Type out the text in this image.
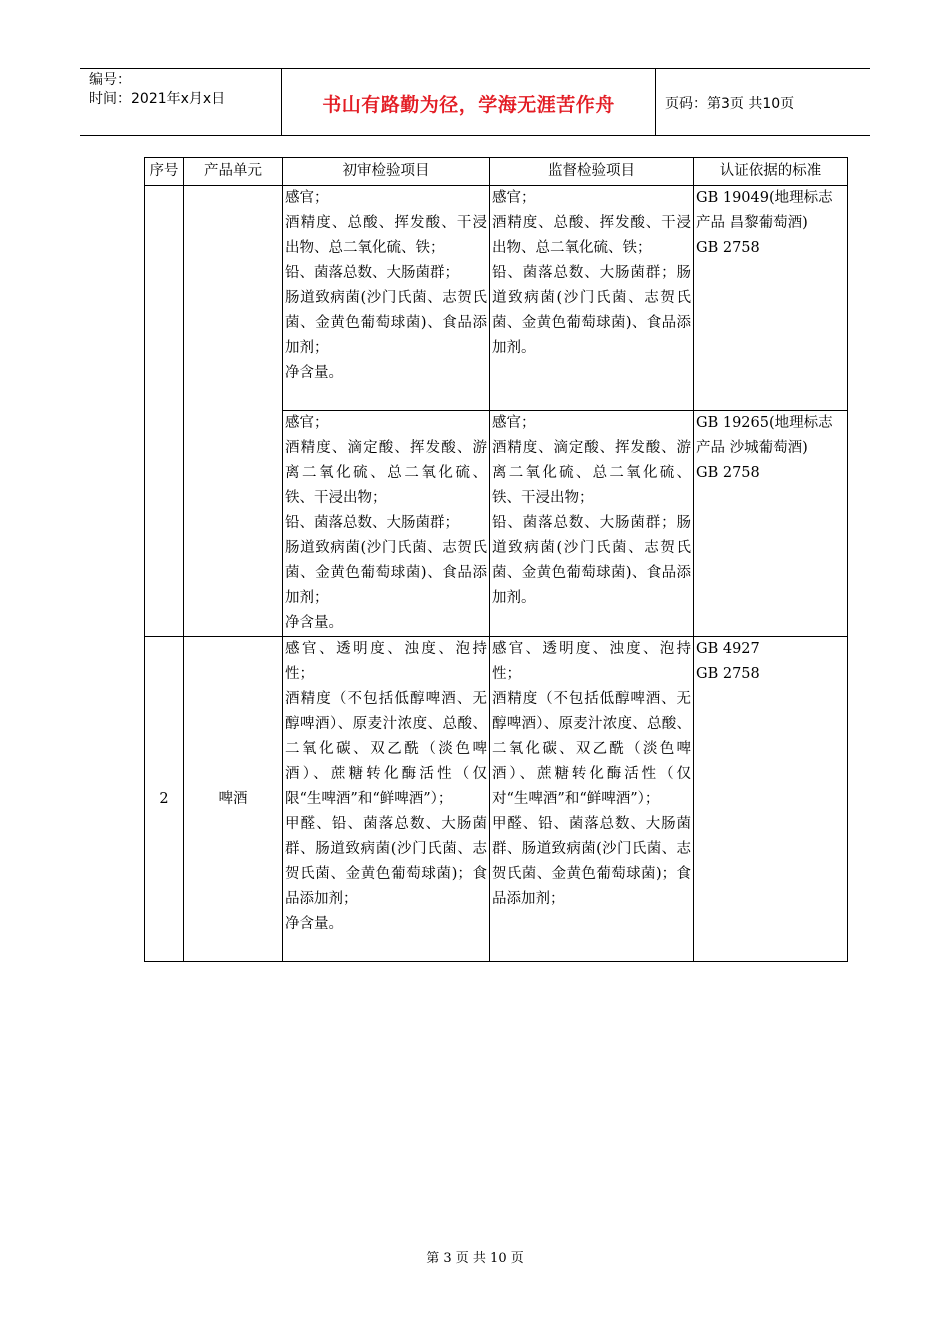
编号：
时间：2021年x月x日	书山有路勤为径，学海无涯苦作舟	页码：第3页 共10页
序号	产品单元	初审检验项目	监督检验项目	认证依据的标准

		感官；
酒精度、总酸、挥发酸、干浸出物、总二氧化硫、铁；
铅、菌落总数、大肠菌群；
肠道致病菌(沙门氏菌、志贺氏菌、金黄色葡萄球菌)、食品添加剂；
净含量。	感官；
酒精度、总酸、挥发酸、干浸出物、总二氧化硫、铁；
铅、菌落总数、大肠菌群；肠道致病菌(沙门氏菌、志贺氏菌、金黄色葡萄球菌)、食品添加剂。	GB 19049(地理标志
产品 昌黎葡萄酒)
GB 2758

		感官；
酒精度、滴定酸、挥发酸、游离二氧化硫、总二氧化硫、铁、干浸出物；
铅、菌落总数、大肠菌群；
肠道致病菌(沙门氏菌、志贺氏菌、金黄色葡萄球菌)、食品添加剂；
净含量。	感官；
酒精度、滴定酸、挥发酸、游离二氧化硫、总二氧化硫、铁、干浸出物；
铅、菌落总数、大肠菌群；肠道致病菌(沙门氏菌、志贺氏菌、金黄色葡萄球菌)、食品添加剂。	GB 19265(地理标志
产品 沙城葡萄酒)
GB 2758

2	啤酒	感官、透明度、浊度、泡持性；
酒精度（不包括低醇啤酒、无醇啤酒）、原麦汁浓度、总酸、二氧化碳、双乙酰（淡色啤酒）、蔗糖转化酶活性（仅限“生啤酒”和“鲜啤酒”）；
甲醛、铅、菌落总数、大肠菌群、肠道致病菌(沙门氏菌、志贺氏菌、金黄色葡萄球菌)；食品添加剂；
净含量。	感官、透明度、浊度、泡持性；
酒精度（不包括低醇啤酒、无醇啤酒）、原麦汁浓度、总酸、二氧化碳、双乙酰（淡色啤酒）、蔗糖转化酶活性（仅对“生啤酒”和“鲜啤酒”）；
甲醛、铅、菌落总数、大肠菌群、肠道致病菌(沙门氏菌、志贺氏菌、金黄色葡萄球菌)；食品添加剂；	GB 4927
GB 2758
第 3 页 共 10 页
